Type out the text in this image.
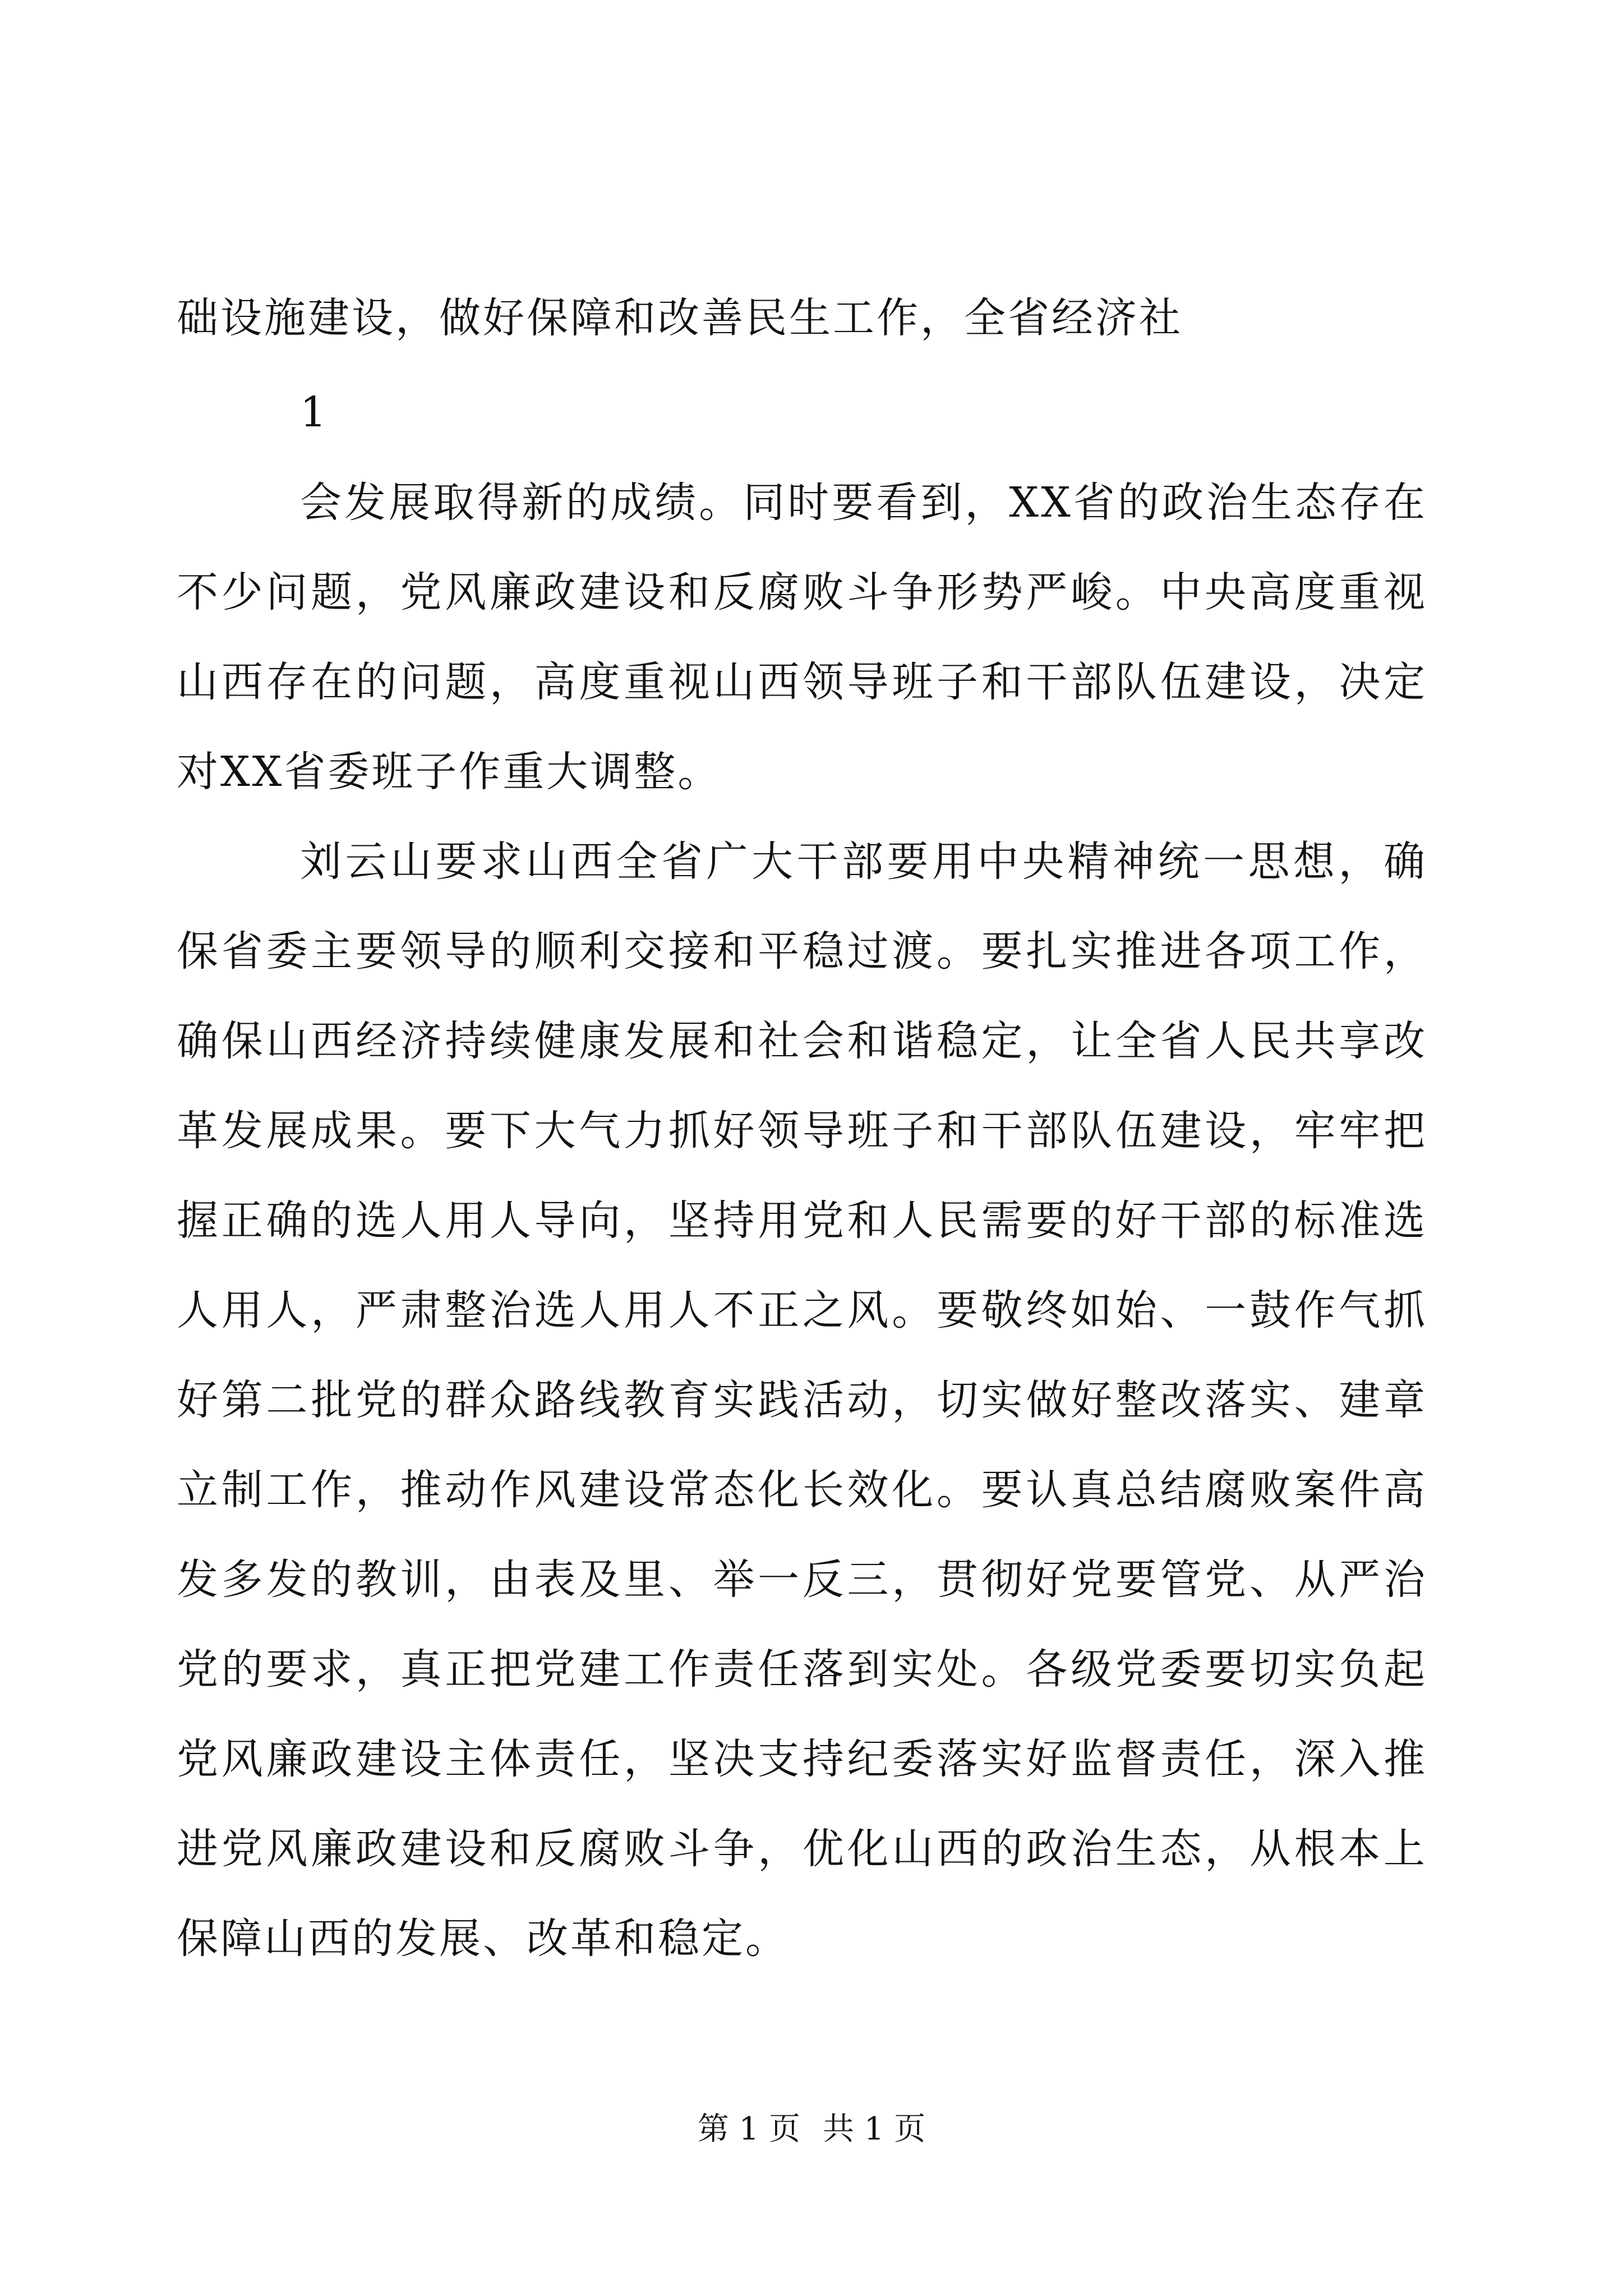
础设施建设，做好保障和改善民生工作，全省经济社
1

会发展取得新的成绩。同时要看到，XX省的政治生态存在不少问题，党风廉政建设和反腐败斗争形势严峻。中央高度重视山西存在的问题，高度重视山西领导班子和干部队伍建设，决定对XX省委班子作重大调整。

刘云山要求山西全省广大干部要用中央精神统一思想，确保省委主要领导的顺利交接和平稳过渡。要扎实推进各项工作，确保山西经济持续健康发展和社会和谐稳定，让全省人民共享改革发展成果。要下大气力抓好领导班子和干部队伍建设，牢牢把握正确的选人用人导向，坚持用党和人民需要的好干部的标准选人用人，严肃整治选人用人不正之风。要敬终如始、一鼓作气抓好第二批党的群众路线教育实践活动，切实做好整改落实、建章立制工作，推动作风建设常态化长效化。要认真总结腐败案件高发多发的教训，由表及里、举一反三，贯彻好党要管党、从严治党的要求，真正把党建工作责任落到实处。各级党委要切实负起党风廉政建设主体责任，坚决支持纪委落实好监督责任，深入推进党风廉政建设和反腐败斗争，优化山西的政治生态，从根本上保障山西的发展、改革和稳定。

第 1 页 共 1 页
